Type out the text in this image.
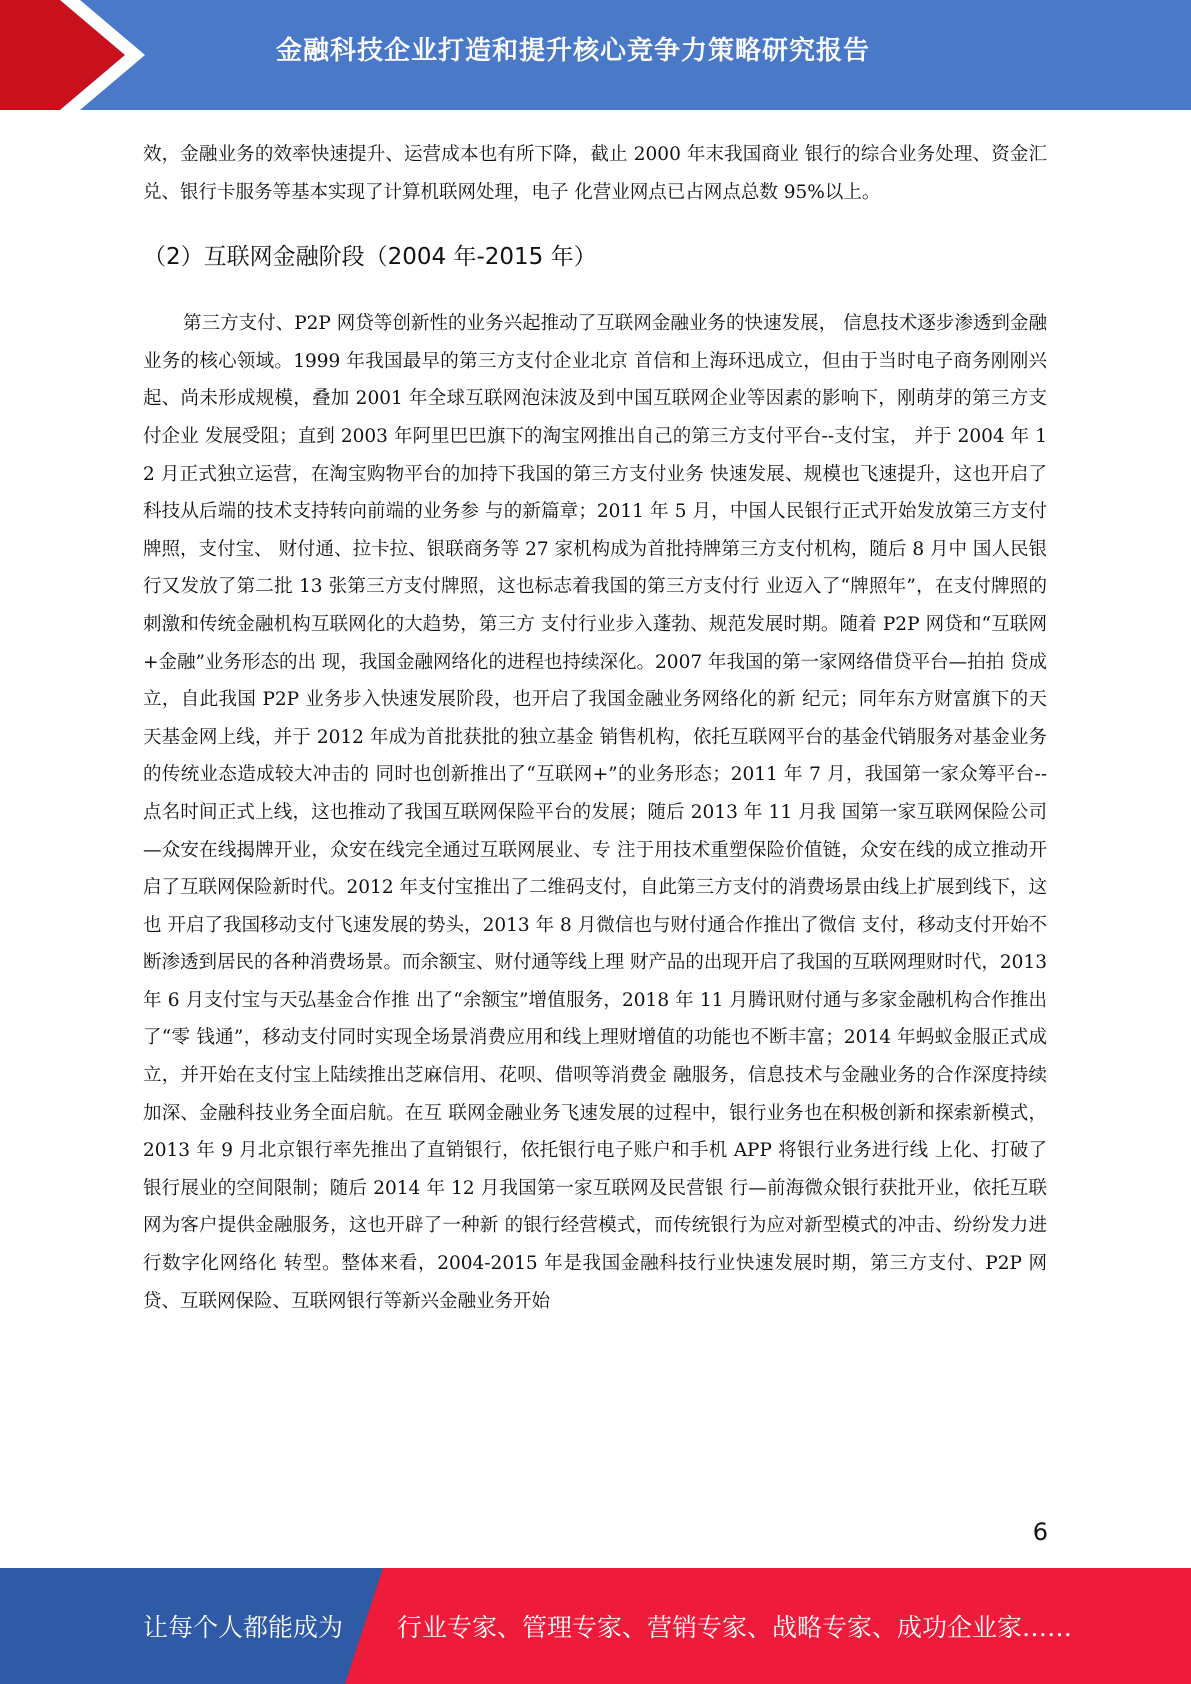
金融科技企业打造和提升核心竞争力策略研究报告

效，金融业务的效率快速提升、运营成本也有所下降，截止 2000 年末我国商业 银行的综合业务处理、资金汇兑、银行卡服务等基本实现了计算机联网处理，电子 化营业网点已占网点总数 95%以上。

（2）互联网金融阶段（2004 年-2015 年）

第三方支付、P2P 网贷等创新性的业务兴起推动了互联网金融业务的快速发展， 信息技术逐步渗透到金融业务的核心领域。1999 年我国最早的第三方支付企业北京 首信和上海环迅成立，但由于当时电子商务刚刚兴起、尚未形成规模，叠加 2001 年全球互联网泡沫波及到中国互联网企业等因素的影响下，刚萌芽的第三方支付企业 发展受阻；直到 2003 年阿里巴巴旗下的淘宝网推出自己的第三方支付平台--支付宝， 并于 2004 年 12 月正式独立运营，在淘宝购物平台的加持下我国的第三方支付业务 快速发展、规模也飞速提升，这也开启了科技从后端的技术支持转向前端的业务参 与的新篇章；2011 年 5 月，中国人民银行正式开始发放第三方支付牌照，支付宝、 财付通、拉卡拉、银联商务等 27 家机构成为首批持牌第三方支付机构，随后 8 月中 国人民银行又发放了第二批 13 张第三方支付牌照，这也标志着我国的第三方支付行 业迈入了“牌照年”，在支付牌照的刺激和传统金融机构互联网化的大趋势，第三方 支付行业步入蓬勃、规范发展时期。随着 P2P 网贷和“互联网+金融”业务形态的出 现，我国金融网络化的进程也持续深化。2007 年我国的第一家网络借贷平台—拍拍 贷成立，自此我国 P2P 业务步入快速发展阶段，也开启了我国金融业务网络化的新 纪元；同年东方财富旗下的天天基金网上线，并于 2012 年成为首批获批的独立基金 销售机构，依托互联网平台的基金代销服务对基金业务的传统业态造成较大冲击的 同时也创新推出了“互联网+”的业务形态；2011 年 7 月，我国第一家众筹平台-- 点名时间正式上线，这也推动了我国互联网保险平台的发展；随后 2013 年 11 月我 国第一家互联网保险公司—众安在线揭牌开业，众安在线完全通过互联网展业、专 注于用技术重塑保险价值链，众安在线的成立推动开启了互联网保险新时代。2012 年支付宝推出了二维码支付，自此第三方支付的消费场景由线上扩展到线下，这也 开启了我国移动支付飞速发展的势头，2013 年 8 月微信也与财付通合作推出了微信 支付，移动支付开始不断渗透到居民的各种消费场景。而余额宝、财付通等线上理 财产品的出现开启了我国的互联网理财时代，2013 年 6 月支付宝与天弘基金合作推 出了“余额宝”增值服务，2018 年 11 月腾讯财付通与多家金融机构合作推出了“零 钱通”，移动支付同时实现全场景消费应用和线上理财增值的功能也不断丰富；2014 年蚂蚁金服正式成立，并开始在支付宝上陆续推出芝麻信用、花呗、借呗等消费金 融服务，信息技术与金融业务的合作深度持续加深、金融科技业务全面启航。在互 联网金融业务飞速发展的过程中，银行业务也在积极创新和探索新模式，2013 年 9 月北京银行率先推出了直销银行，依托银行电子账户和手机 APP 将银行业务进行线 上化、打破了银行展业的空间限制；随后 2014 年 12 月我国第一家互联网及民营银 行—前海微众银行获批开业，依托互联网为客户提供金融服务，这也开辟了一种新 的银行经营模式，而传统银行为应对新型模式的冲击、纷纷发力进行数字化网络化 转型。整体来看，2004-2015 年是我国金融科技行业快速发展时期，第三方支付、P2P 网贷、互联网保险、互联网银行等新兴金融业务开始

6
让每个人都能成为 行业专家、管理专家、营销专家、战略专家、成功企业家……
